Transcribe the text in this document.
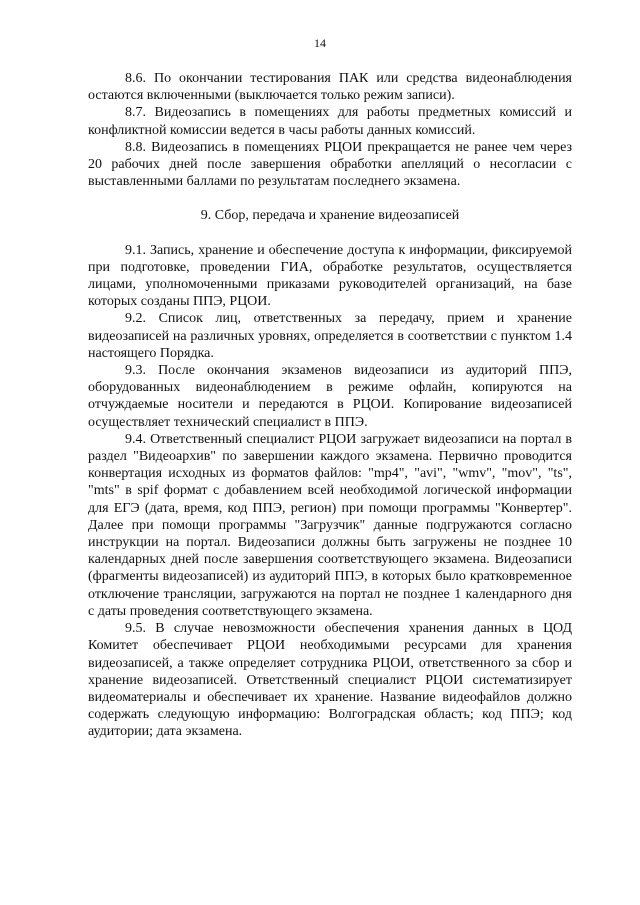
14

8.6. По окончании тестирования ПАК или средства видеонаблюдения остаются включенными (выключается только режим записи).

8.7. Видеозапись в помещениях для работы предметных комиссий и конфликтной комиссии ведется в часы работы данных комиссий.

8.8. Видеозапись в помещениях РЦОИ прекращается не ранее чем через 20 рабочих дней после завершения обработки апелляций о несогласии с выставленными баллами по результатам последнего экзамена.

9. Сбор, передача и хранение видеозаписей

9.1. Запись, хранение и обеспечение доступа к информации, фиксируемой при подготовке, проведении ГИА, обработке результатов, осуществляется лицами, уполномоченными приказами руководителей организаций, на базе которых созданы ППЭ, РЦОИ.

9.2. Список лиц, ответственных за передачу, прием и хранение видеозаписей на различных уровнях, определяется в соответствии с пунктом 1.4 настоящего Порядка.

9.3. После окончания экзаменов видеозаписи из аудиторий ППЭ, оборудованных видеонаблюдением в режиме офлайн, копируются на отчуждаемые носители и передаются в РЦОИ. Копирование видеозаписей осуществляет технический специалист в ППЭ.

9.4. Ответственный специалист РЦОИ загружает видеозаписи на портал в раздел "Видеоархив" по завершении каждого экзамена. Первично проводится конвертация исходных из форматов файлов: "mp4", "avi", "wmv", "mov", "ts", "mts" в spif формат с добавлением всей необходимой логической информации для ЕГЭ (дата, время, код ППЭ, регион) при помощи программы "Конвертер". Далее при помощи программы "Загрузчик" данные подгружаются согласно инструкции на портал. Видеозаписи должны быть загружены не позднее 10 календарных дней после завершения соответствующего экзамена. Видеозаписи (фрагменты видеозаписей) из аудиторий ППЭ, в которых было кратковременное отключение трансляции, загружаются на портал не позднее 1 календарного дня с даты проведения соответствующего экзамена.

9.5. В случае невозможности обеспечения хранения данных в ЦОД Комитет обеспечивает РЦОИ необходимыми ресурсами для хранения видеозаписей, а также определяет сотрудника РЦОИ, ответственного за сбор и хранение видеозаписей. Ответственный специалист РЦОИ систематизирует видеоматериалы и обеспечивает их хранение. Название видеофайлов должно содержать следующую информацию: Волгоградская область; код ППЭ; код аудитории; дата экзамена.
